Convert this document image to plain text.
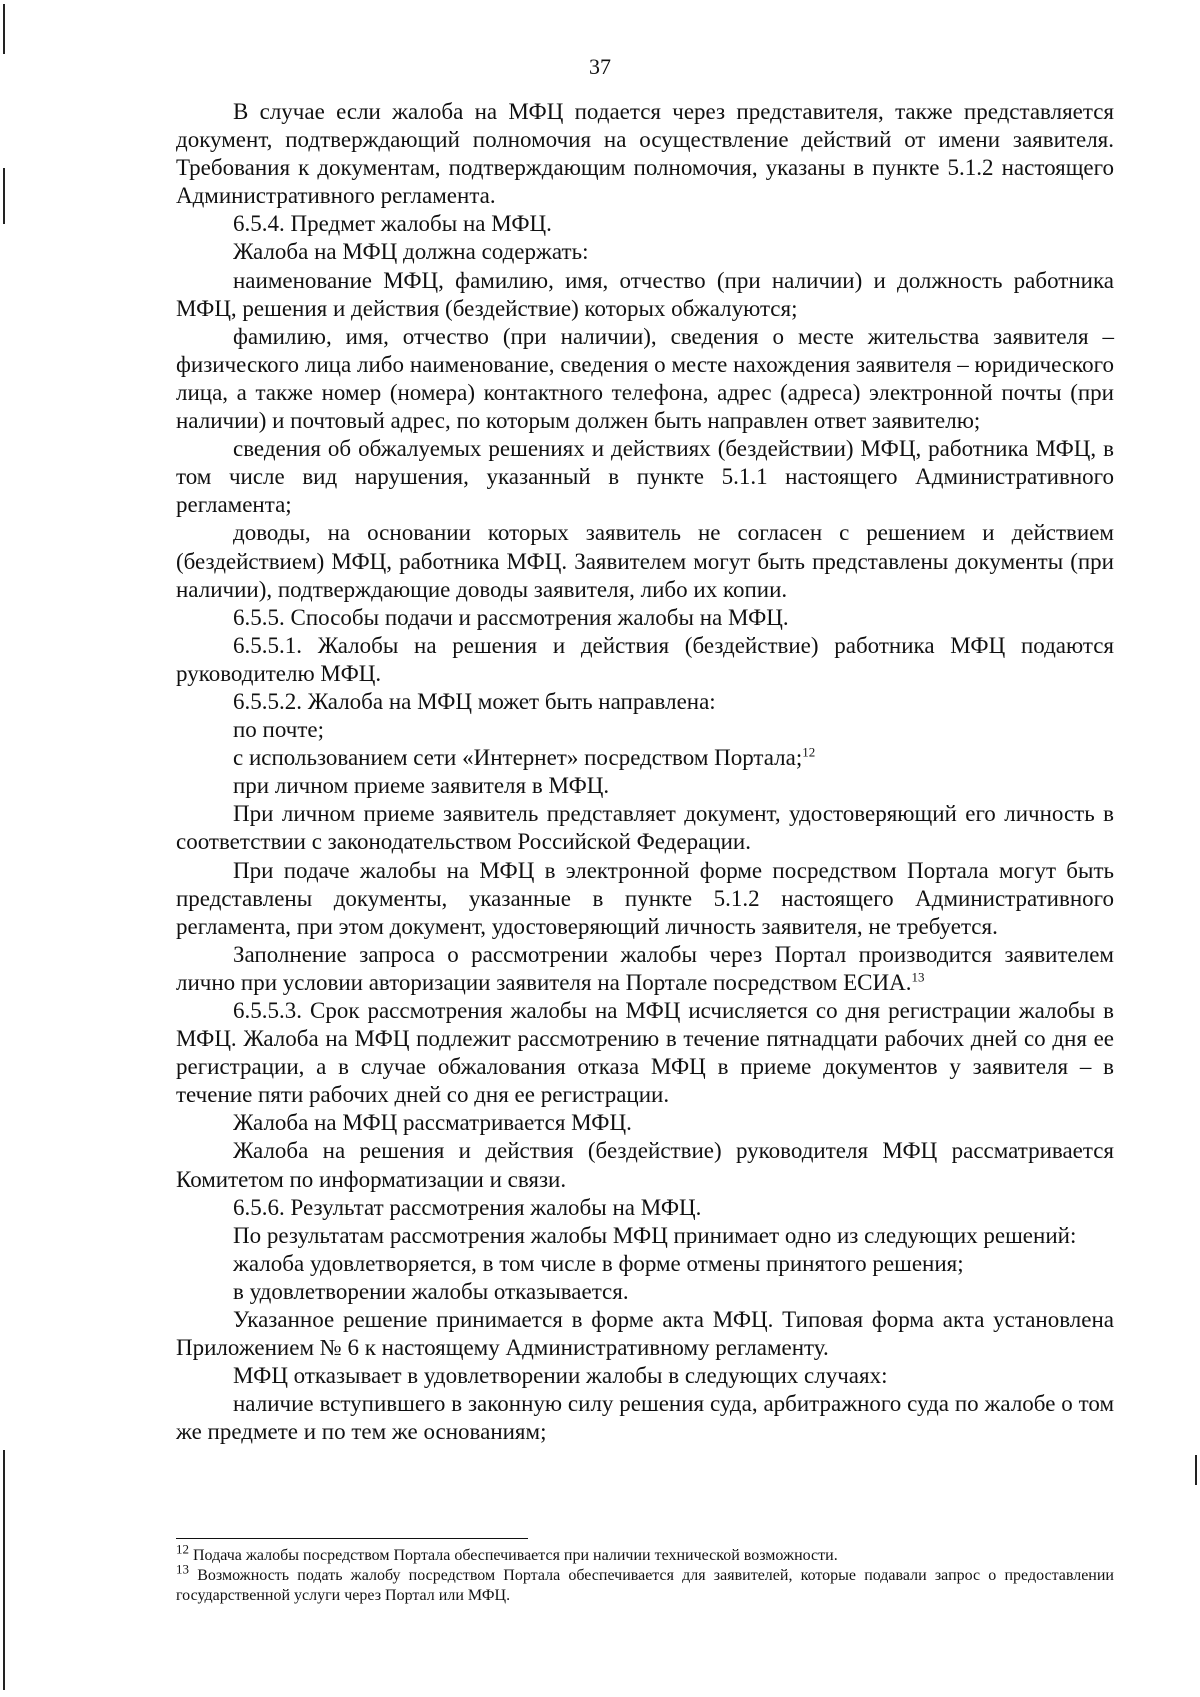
37

В случае если жалоба на МФЦ подается через представителя, также представляется документ, подтверждающий полномочия на осуществление действий от имени заявителя. Требования к документам, подтверждающим полномочия, указаны в пункте 5.1.2 настоящего Административного регламента.

6.5.4. Предмет жалобы на МФЦ.

Жалоба на МФЦ должна содержать:

наименование МФЦ, фамилию, имя, отчество (при наличии) и должность работника МФЦ, решения и действия (бездействие) которых обжалуются;

фамилию, имя, отчество (при наличии), сведения о месте жительства заявителя – физического лица либо наименование, сведения о месте нахождения заявителя – юридического лица, а также номер (номера) контактного телефона, адрес (адреса) электронной почты (при наличии) и почтовый адрес, по которым должен быть направлен ответ заявителю;

сведения об обжалуемых решениях и действиях (бездействии) МФЦ, работника МФЦ, в том числе вид нарушения, указанный в пункте 5.1.1 настоящего Административного регламента;

доводы, на основании которых заявитель не согласен с решением и действием (бездействием) МФЦ, работника МФЦ. Заявителем могут быть представлены документы (при наличии), подтверждающие доводы заявителя, либо их копии.

6.5.5. Способы подачи и рассмотрения жалобы на МФЦ.

6.5.5.1. Жалобы на решения и действия (бездействие) работника МФЦ подаются руководителю МФЦ.

6.5.5.2. Жалоба на МФЦ может быть направлена:

по почте;

с использованием сети «Интернет» посредством Портала;$^{12}$

при личном приеме заявителя в МФЦ.

При личном приеме заявитель представляет документ, удостоверяющий его личность в соответствии с законодательством Российской Федерации.

При подаче жалобы на МФЦ в электронной форме посредством Портала могут быть представлены документы, указанные в пункте 5.1.2 настоящего Административного регламента, при этом документ, удостоверяющий личность заявителя, не требуется.

Заполнение запроса о рассмотрении жалобы через Портал производится заявителем лично при условии авторизации заявителя на Портале посредством ЕСИА.$^{13}$

6.5.5.3. Срок рассмотрения жалобы на МФЦ исчисляется со дня регистрации жалобы в МФЦ. Жалоба на МФЦ подлежит рассмотрению в течение пятнадцати рабочих дней со дня ее регистрации, а в случае обжалования отказа МФЦ в приеме документов у заявителя – в течение пяти рабочих дней со дня ее регистрации.

Жалоба на МФЦ рассматривается МФЦ.

Жалоба на решения и действия (бездействие) руководителя МФЦ рассматривается Комитетом по информатизации и связи.

6.5.6. Результат рассмотрения жалобы на МФЦ.

По результатам рассмотрения жалобы МФЦ принимает одно из следующих решений:

жалоба удовлетворяется, в том числе в форме отмены принятого решения;

в удовлетворении жалобы отказывается.

Указанное решение принимается в форме акта МФЦ. Типовая форма акта установлена Приложением № 6 к настоящему Административному регламенту.

МФЦ отказывает в удовлетворении жалобы в следующих случаях:

наличие вступившего в законную силу решения суда, арбитражного суда по жалобе о том же предмете и по тем же основаниям;

$^{12}$ Подача жалобы посредством Портала обеспечивается при наличии технической возможности.

$^{13}$ Возможность подать жалобу посредством Портала обеспечивается для заявителей, которые подавали запрос о предоставлении государственной услуги через Портал или МФЦ.
